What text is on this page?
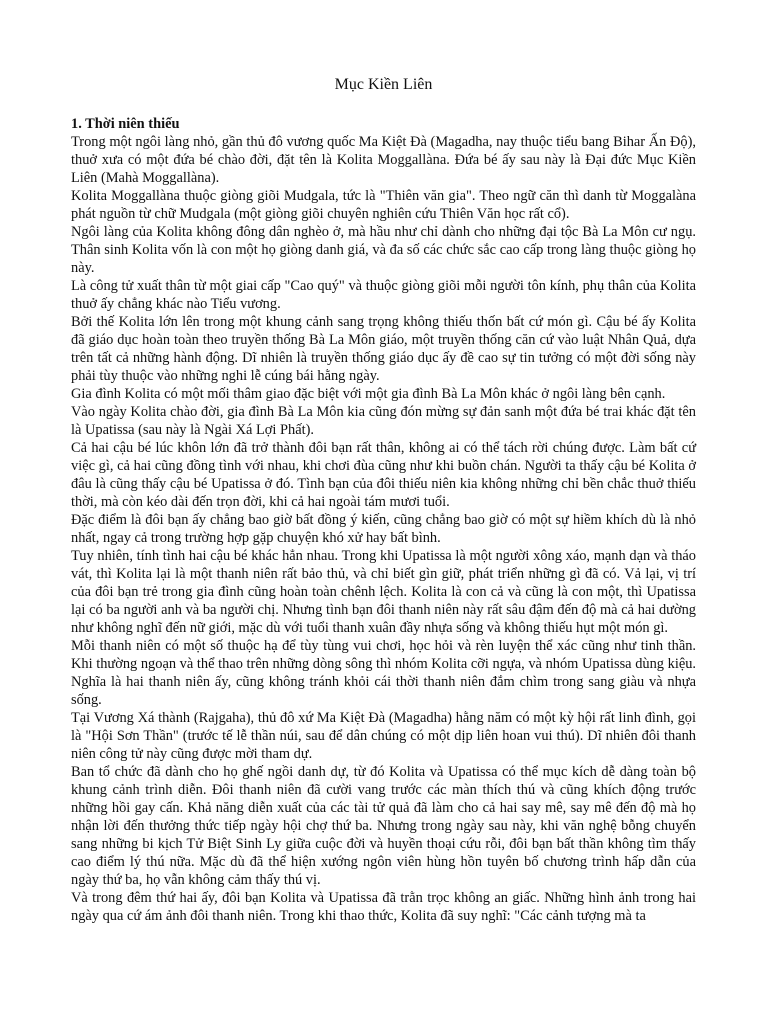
Mục Kiền Liên

1. Thời niên thiếu

Trong một ngôi làng nhỏ, gần thủ đô vương quốc Ma Kiệt Đà (Magadha, nay thuộc tiểu bang Bihar Ấn Độ), thuở xưa có một đứa bé chào đời, đặt tên là Kolita Moggallàna. Đứa bé ấy sau này là Đại đức Mục Kiền Liên (Mahà Moggallàna).

Kolita Moggallàna thuộc giòng giõi Mudgala, tức là "Thiên văn gia". Theo ngữ căn thì danh từ Moggalàna phát nguồn từ chữ Mudgala (một giòng giõi chuyên nghiên cứu Thiên Văn học rất cổ).

Ngôi làng của Kolita không đông dân nghèo ở, mà hầu như chỉ dành cho những đại tộc Bà La Môn cư ngụ. Thân sinh Kolita vốn là con một họ giòng danh giá, và đa số các chức sắc cao cấp trong làng thuộc giòng họ này.

Là công tử xuất thân từ một giai cấp "Cao quý" và thuộc giòng giõi mỗi người tôn kính, phụ thân của Kolita thuở ấy chẳng khác nào Tiểu vương.

Bởi thế Kolita lớn lên trong một khung cảnh sang trọng không thiếu thốn bất cứ món gì. Cậu bé ấy Kolita đã giáo dục hoàn toàn theo truyền thống Bà La Môn giáo, một truyền thống căn cứ vào luật Nhân Quả, dựa trên tất cả những hành động. Dĩ nhiên là truyền thống giáo dục ấy đề cao sự tin tưởng có một đời sống này phải tùy thuộc vào những nghi lễ cúng bái hằng ngày.

Gia đình Kolita có một mối thâm giao đặc biệt với một gia đình Bà La Môn khác ở ngôi làng bên cạnh.

Vào ngày Kolita chào đời, gia đình Bà La Môn kia cũng đón mừng sự đản sanh một đứa bé trai khác đặt tên là Upatissa (sau này là Ngài Xá Lợi Phất).

Cả hai cậu bé lúc khôn lớn đã trở thành đôi bạn rất thân, không ai có thể tách rời chúng được. Làm bất cứ việc gì, cả hai cũng đồng tình với nhau, khi chơi đùa cũng như khi buồn chán. Người ta thấy cậu bé Kolita ở đâu là cũng thấy cậu bé Upatissa ở đó. Tình bạn của đôi thiếu niên kia không những chỉ bền chắc thuở thiếu thời, mà còn kéo dài đến trọn đời, khi cả hai ngoài tám mươi tuổi.

Đặc điểm là đôi bạn ấy chẳng bao giờ bất đồng ý kiến, cũng chẳng bao giờ có một sự hiềm khích dù là nhỏ nhất, ngay cả trong trường hợp gặp chuyện khó xử hay bất bình.

Tuy nhiên, tính tình hai cậu bé khác hẳn nhau. Trong khi Upatissa là một người xông xáo, mạnh dạn và tháo vát, thì Kolita lại là một thanh niên rất bảo thủ, và chỉ biết gìn giữ, phát triển những gì đã có. Vả lại, vị trí của đôi bạn trẻ trong gia đình cũng hoàn toàn chênh lệch. Kolita là con cả và cũng là con một, thì Upatissa lại có ba người anh và ba người chị. Nhưng tình bạn đôi thanh niên này rất sâu đậm đến độ mà cả hai dường như không nghĩ đến nữ giới, mặc dù với tuổi thanh xuân đầy nhựa sống và không thiếu hụt một món gì.

Mỗi thanh niên có một số thuộc hạ để tùy tùng vui chơi, học hỏi và rèn luyện thể xác cũng như tinh thần. Khi thường ngoạn và thể thao trên những dòng sông thì nhóm Kolita cỡi ngựa, và nhóm Upatissa dùng kiệu. Nghĩa là hai thanh niên ấy, cũng không tránh khỏi cái thời thanh niên đắm chìm trong sang giàu và nhựa sống.

Tại Vương Xá thành (Rajgaha), thủ đô xứ Ma Kiệt Đà (Magadha) hằng năm có một kỳ hội rất linh đình, gọi là "Hội Sơn Thần" (trước tế lễ thần núi, sau để dân chúng có một dịp liên hoan vui thú). Dĩ nhiên đôi thanh niên công tử này cũng được mời tham dự.

Ban tổ chức đã dành cho họ ghế ngồi danh dự, từ đó Kolita và Upatissa có thể mục kích dễ dàng toàn bộ khung cảnh trình diễn. Đôi thanh niên đã cười vang trước các màn thích thú và cũng khích động trước những hồi gay cấn. Khả năng diễn xuất của các tài tử quả đã làm cho cả hai say mê, say mê đến độ mà họ nhận lời đến thưởng thức tiếp ngày hội chợ thứ ba. Nhưng trong ngày sau này, khi văn nghệ bỗng chuyển sang những bi kịch Tử Biệt Sinh Ly giữa cuộc đời và huyền thoại cứu rỗi, đôi bạn bất thần không tìm thấy cao điểm lý thú nữa. Mặc dù đã thể hiện xướng ngôn viên hùng hồn tuyên bố chương trình hấp dẫn của ngày thứ ba, họ vẫn không cảm thấy thú vị.

Và trong đêm thứ hai ấy, đôi bạn Kolita và Upatissa đã trằn trọc không an giấc. Những hình ảnh trong hai ngày qua cứ ám ảnh đôi thanh niên. Trong khi thao thức, Kolita đã suy nghĩ: "Các cảnh tượng mà ta
